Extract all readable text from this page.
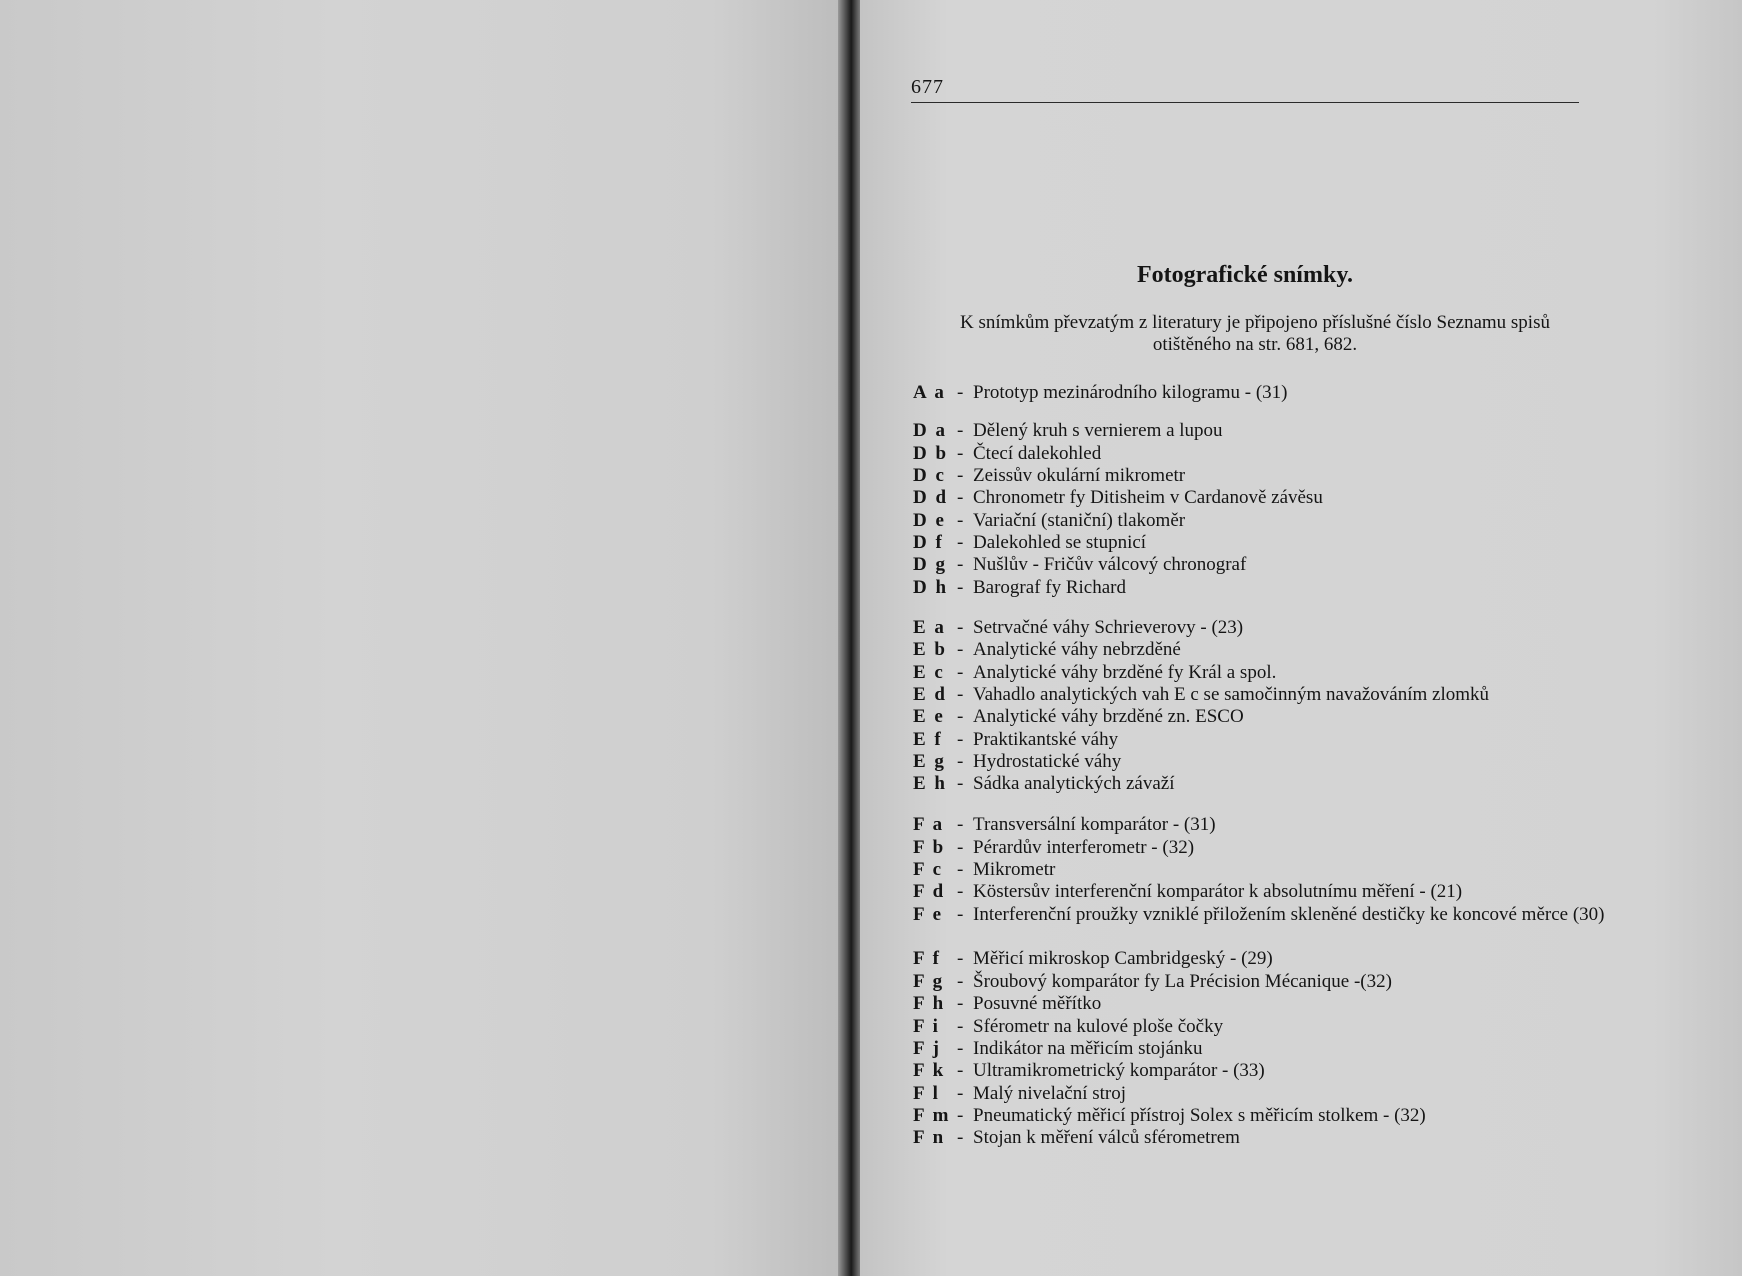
677
Fotografické snímky.
K snímkům převzatým z literatury je připojeno příslušné číslo Seznamu spisů otištěného na str. 681, 682.
A a - Prototyp mezinárodního kilogramu - (31)
D a - Dělený kruh s vernierem a lupou
D b - Čtecí dalekohled
D c - Zeissův okulární mikrometr
D d - Chronometr fy Ditisheim v Cardanově závěsu
D e - Variační (staniční) tlakoměr
D f - Dalekohled se stupnicí
D g - Nušlův - Fričův válcový chronograf
D h - Barograf fy Richard
E a - Setrvačné váhy Schrieverovy - (23)
E b - Analytické váhy nebrzděné
E c - Analytické váhy brzděné fy Král a spol.
E d - Vahadlo analytických vah E c se samočinným navažováním zlomků
E e - Analytické váhy brzděné zn. ESCO
E f - Praktikantské váhy
E g - Hydrostatické váhy
E h - Sádka analytických závaží
F a - Transversální komparátor - (31)
F b - Pérardův interferometr - (32)
F c - Mikrometr
F d - Köstersův interferenční komparátor k absolutnímu měření - (21)
F e - Interferenční proužky vzniklé přiložením skleněné destičky ke koncové měrce (30)
F f - Měřicí mikroskop Cambridgeský - (29)
F g - Šroubový komparátor fy La Précision Mécanique -(32)
F h - Posuvné měřítko
F i - Sférometr na kulové ploše čočky
F j - Indikátor na měřicím stojánku
F k - Ultramikrometrický komparátor - (33)
F l - Malý nivelační stroj
F m - Pneumatický měřicí přístroj Solex s měřicím stolkem - (32)
F n - Stojan k měření válců sférometrem
